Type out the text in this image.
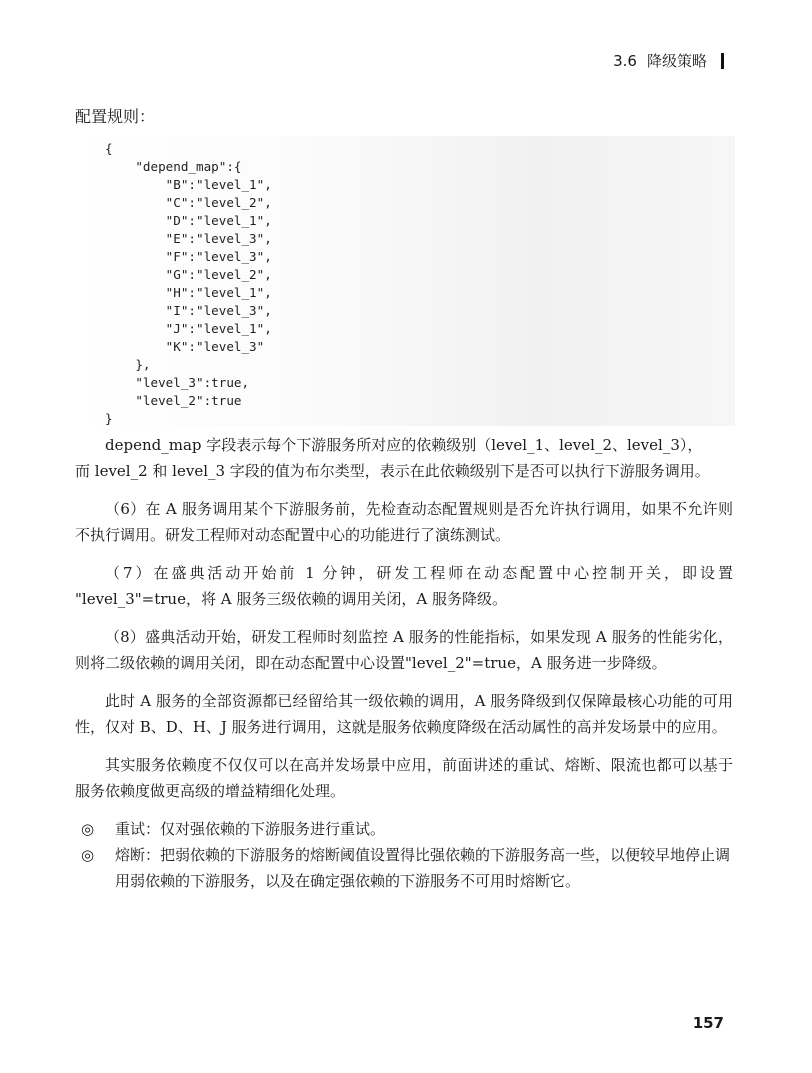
3.6 降级策略
配置规则：
{
"depend_map":{
"B":"level_1",
"C":"level_2",
"D":"level_1",
"E":"level_3",
"F":"level_3",
"G":"level_2",
"H":"level_1",
"I":"level_3",
"J":"level_1",
"K":"level_3"
},
"level_3":true,
"level_2":true
}

depend_map 字段表示每个下游服务所对应的依赖级别（level_1、level_2、level_3），

而 level_2 和 level_3 字段的值为布尔类型，表示在此依赖级别下是否可以执行下游服务调用。

（6）在 A 服务调用某个下游服务前，先检查动态配置规则是否允许执行调用，如果不允许则不执行调用。研发工程师对动态配置中心的功能进行了演练测试。

（7）在盛典活动开始前 1 分钟，研发工程师在动态配置中心控制开关，即设置 "level_3"=true，将 A 服务三级依赖的调用关闭，A 服务降级。

（8）盛典活动开始，研发工程师时刻监控 A 服务的性能指标，如果发现 A 服务的性能劣化，则将二级依赖的调用关闭，即在动态配置中心设置"level_2"=true，A 服务进一步降级。

此时 A 服务的全部资源都已经留给其一级依赖的调用，A 服务降级到仅保障最核心功能的可用性，仅对 B、D、H、J 服务进行调用，这就是服务依赖度降级在活动属性的高并发场景中的应用。

其实服务依赖度不仅仅可以在高并发场景中应用，前面讲述的重试、熔断、限流也都可以基于服务依赖度做更高级的增益精细化处理。

◎ 重试：仅对强依赖的下游服务进行重试。
◎ 熔断：把弱依赖的下游服务的熔断阈值设置得比强依赖的下游服务高一些，以便较早地停止调用弱依赖的下游服务，以及在确定强依赖的下游服务不可用时熔断它。
157
